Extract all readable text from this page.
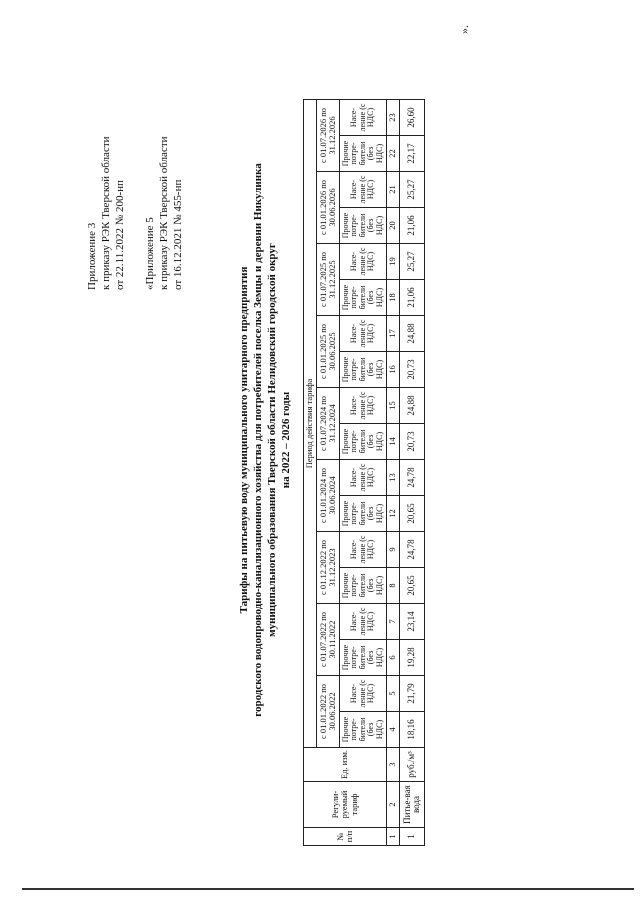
Приложение 3 к приказу РЭК Тверской области от 22.11.2022 № 200-нп «Приложение 5 к приказу РЭК Тверской области от 16.12.2021 № 455-нп
Тарифы на питьевую воду муниципального унитарного предприятия городского водопроводно-канализационного хозяйства для потребителей поселка Земцы и деревни Никулинка муниципального образования Тверской области Нелидовский городской округ на 2022 – 2026 годы
№ п/п	Регули-руемый тариф	Ед. изм.	Период действия тарифа																	
			с 01.01.2022 по 30.06.2022		с 01.07.2022 по 30.11.2022		с 01.12.2022 по 31.12.2023		с 01.01.2024 по 30.06.2024		с 01.07.2024 по 31.12.2024		с 01.01.2025 по 30.06.2025		с 01.07.2025 по 31.12.2025		с 01.01.2026 по 30.06.2026		с 01.07.2026 по 31.12.2026	
			Прочие потре-бители (без НДС)	Насе-ление (с НДС)	Прочие потре-бители (без НДС)	Насе-ление (с НДС)	Прочие потре-бители (без НДС)	Насе-ление (с НДС)	Прочие потре-бители (без НДС)	Насе-ление (с НДС)	Прочие потре-бители (без НДС)	Насе-ление (с НДС)	Прочие потре-бители (без НДС)	Насе-ление (с НДС)	Прочие потре-бители (без НДС)	Насе-ление (с НДС)	Прочие потре-бители (без НДС)	Насе-ление (с НДС)	Прочие потре-бители (без НДС)	Насе-ление (с НДС)
1	2	3	4	5	6	7	8	9	12	13	14	15	16	17	18	19	20	21	22	23
1	Питье-вая вода	руб./м³	18,16	21,79	19,28	23,14	20,65	24,78	20,65	24,78	20,73	24,88	20,73	24,88	21,06	25,27	21,06	25,27	22,17	26,60
».
